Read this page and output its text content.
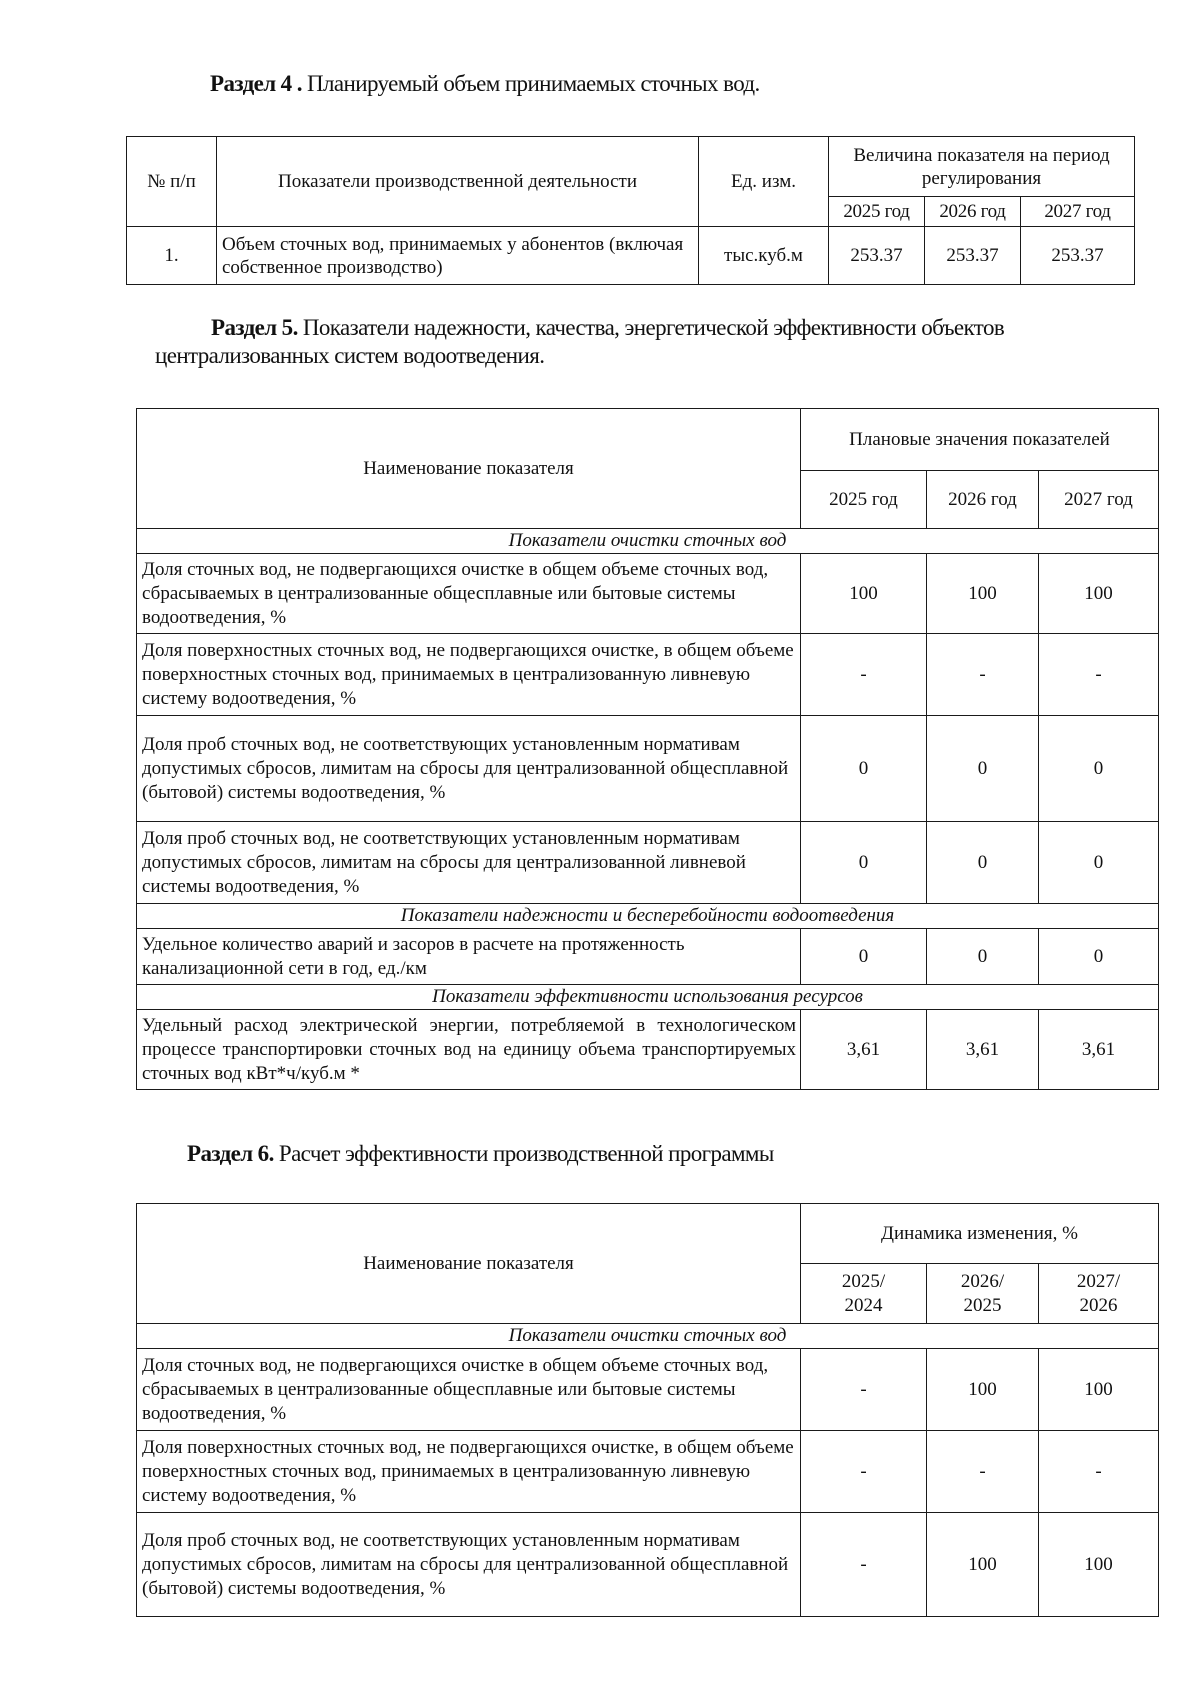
Раздел 4 . Планируемый объем принимаемых сточных вод.
№ п/п	Показатели производственной деятельности	Ед. изм.	Величина показателя на период регулирования		
			2025 год	2026 год	2027 год
1.	Объем сточных вод, принимаемых у абонентов (включая собственное производство)	тыс.куб.м	253.37	253.37	253.37
Раздел 5. Показатели надежности, качества, энергетической эффективности объектов централизованных систем водоотведения.
Наименование показателя	Плановые значения показателей		
	2025 год	2026 год	2027 год
Показатели очистки сточных вод			
Доля сточных вод, не подвергающихся очистке в общем объеме сточных вод, сбрасываемых в централизованные общесплавные или бытовые системы водоотведения, %	100	100	100
Доля поверхностных сточных вод, не подвергающихся очистке, в общем объеме поверхностных сточных вод, принимаемых в централизованную ливневую систему водоотведения, %	-	-	-
Доля проб сточных вод, не соответствующих установленным нормативам допустимых сбросов, лимитам на сбросы для централизованной общесплавной (бытовой) системы водоотведения, %	0	0	0
Доля проб сточных вод, не соответствующих установленным нормативам допустимых сбросов, лимитам на сбросы для централизованной ливневой системы водоотведения, %	0	0	0
Показатели надежности и бесперебойности водоотведения			
Удельное количество аварий и засоров в расчете на протяженность канализационной сети в год, ед./км	0	0	0
Показатели эффективности использования ресурсов			
Удельный расход электрической энергии, потребляемой в технологическом процессе транспортировки сточных вод на единицу объема транспортируемых сточных вод кВт*ч/куб.м *	3,61	3,61	3,61
Раздел 6. Расчет эффективности производственной программы
Наименование показателя	Динамика изменения, %		
	2025/ 2024	2026/ 2025	2027/ 2026
Показатели очистки сточных вод			
Доля сточных вод, не подвергающихся очистке в общем объеме сточных вод, сбрасываемых в централизованные общесплавные или бытовые системы водоотведения, %	-	100	100
Доля поверхностных сточных вод, не подвергающихся очистке, в общем объеме поверхностных сточных вод, принимаемых в централизованную ливневую систему водоотведения, %	-	-	-
Доля проб сточных вод, не соответствующих установленным нормативам допустимых сбросов, лимитам на сбросы для централизованной общесплавной (бытовой) системы водоотведения, %	-	100	100
